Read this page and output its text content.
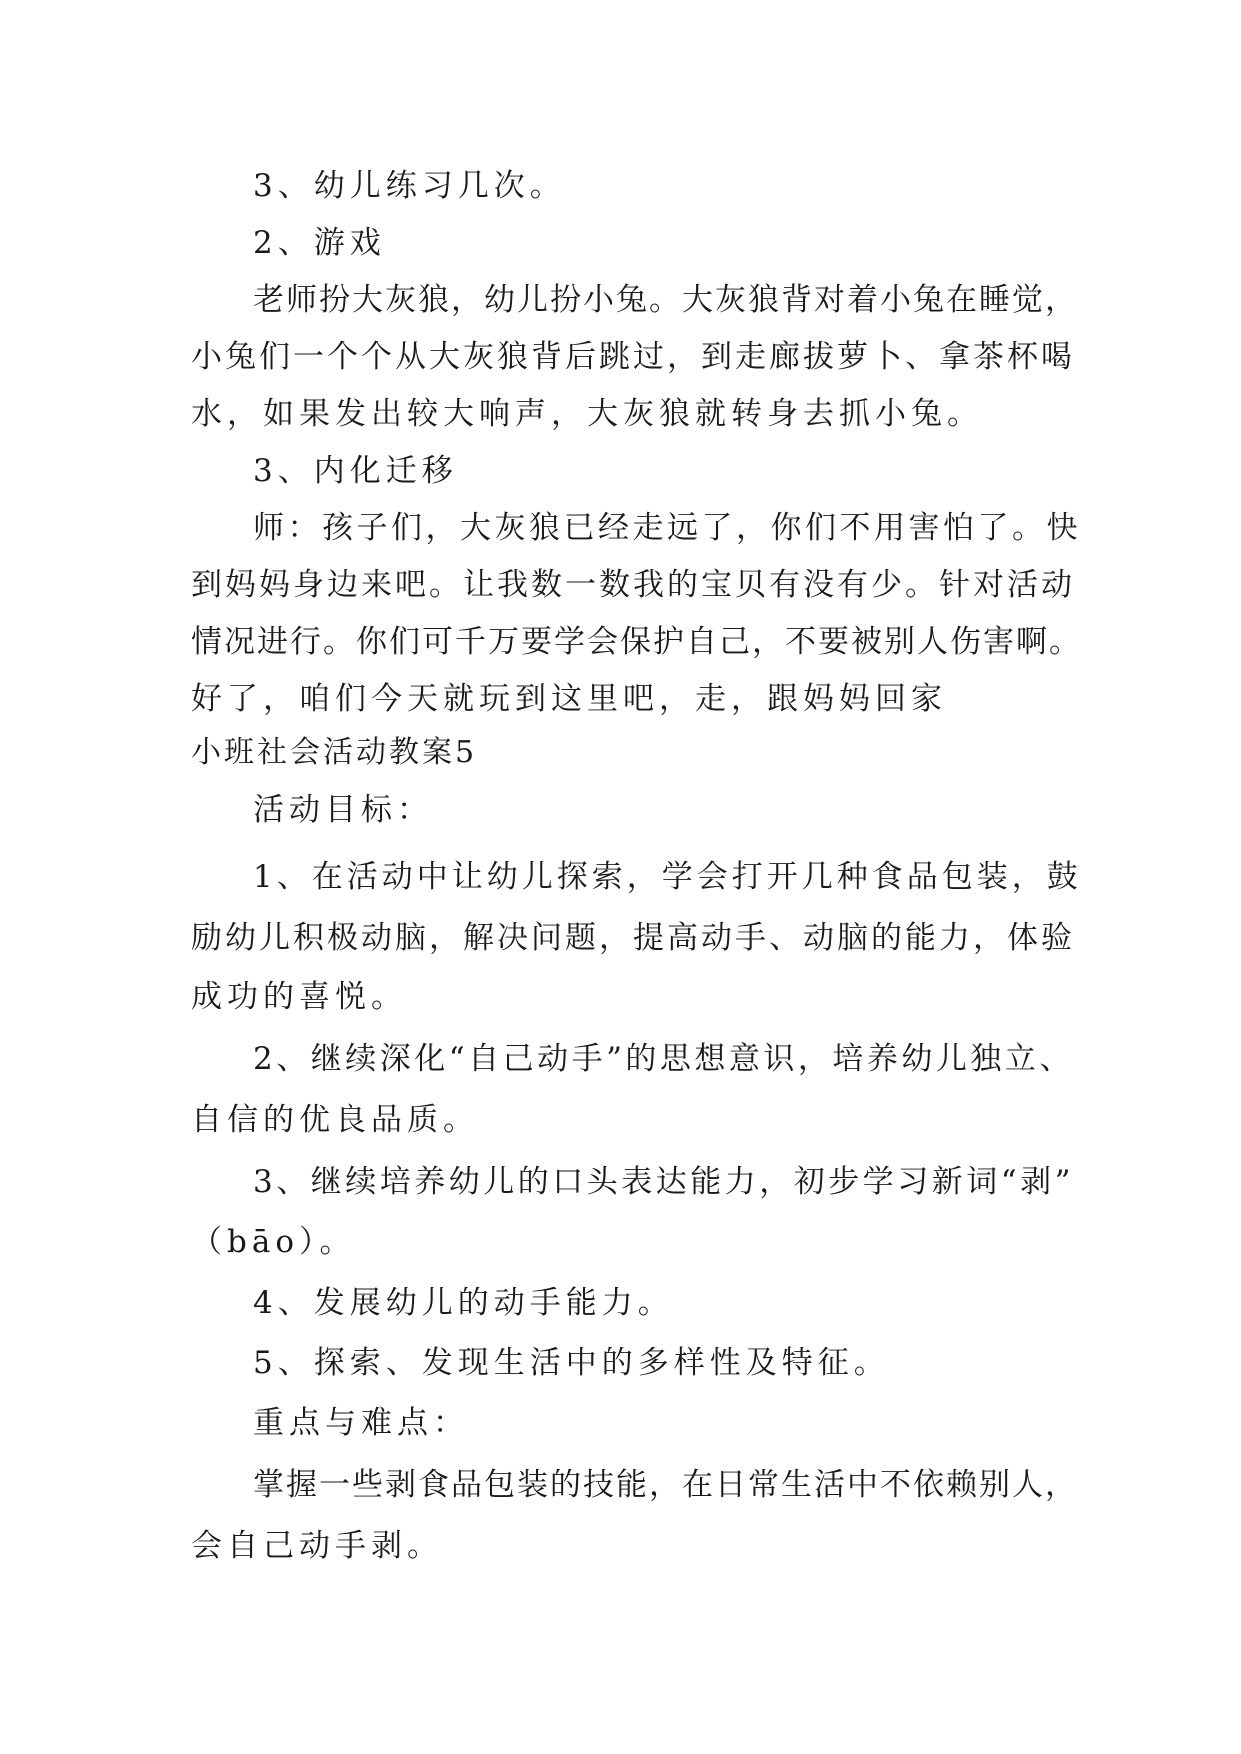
3、幼儿练习几次。

2、游戏

老师扮大灰狼，幼儿扮小兔。大灰狼背对着小兔在睡觉，

小兔们一个个从大灰狼背后跳过，到走廊拔萝卜、拿茶杯喝

水，如果发出较大响声，大灰狼就转身去抓小兔。

3、内化迁移

师：孩子们，大灰狼已经走远了，你们不用害怕了。快

到妈妈身边来吧。让我数一数我的宝贝有没有少。针对活动

情况进行。你们可千万要学会保护自己，不要被别人伤害啊。

好了，咱们今天就玩到这里吧，走，跟妈妈回家

小班社会活动教案5

活动目标：

1、在活动中让幼儿探索，学会打开几种食品包装，鼓

励幼儿积极动脑，解决问题，提高动手、动脑的能力，体验

成功的喜悦。

2、继续深化“自己动手”的思想意识，培养幼儿独立、

自信的优良品质。

3、继续培养幼儿的口头表达能力，初步学习新词“剥”

（bāo）。

4、发展幼儿的动手能力。

5、探索、发现生活中的多样性及特征。

重点与难点：

掌握一些剥食品包装的技能，在日常生活中不依赖别人，

会自己动手剥。
